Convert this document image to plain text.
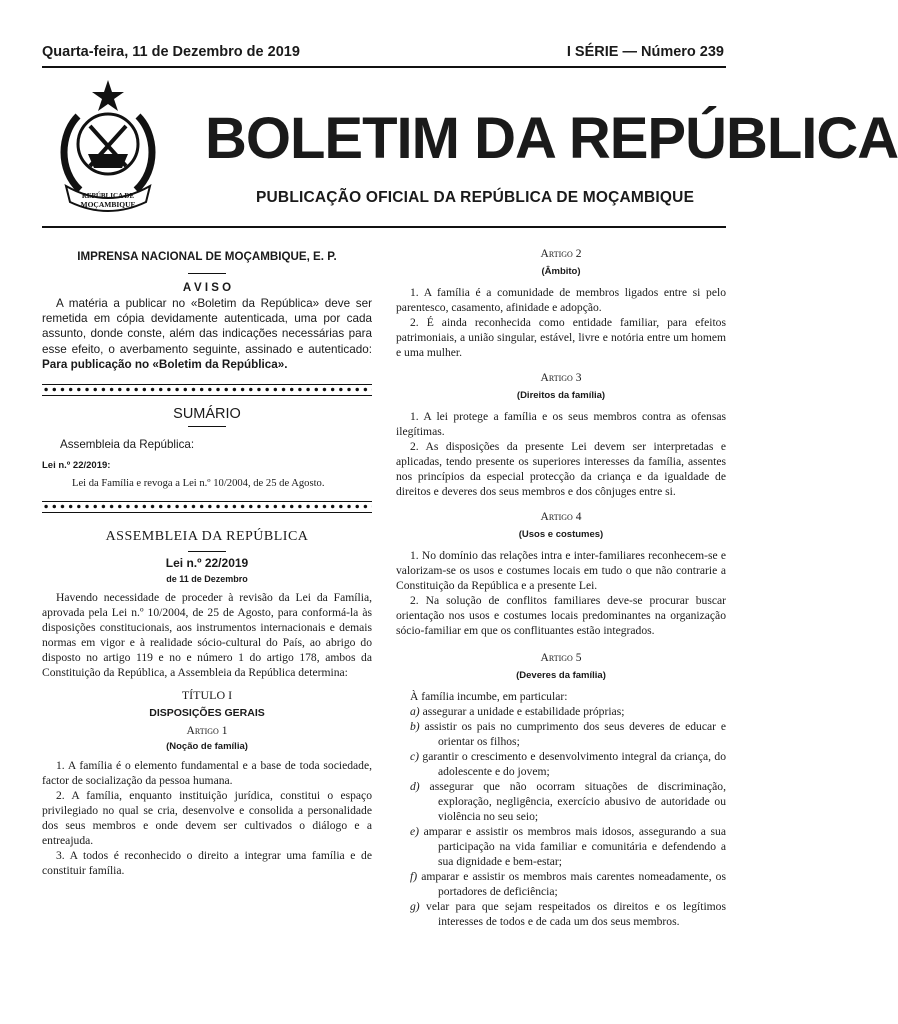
Quarta-feira, 11 de Dezembro de 2019	I SÉRIE — Número 239
REPÚBLICA DE
MOÇAMBIQUE
BOLETIM DA REPÚBLICA
PUBLICAÇÃO OFICIAL DA REPÚBLICA DE MOÇAMBIQUE
IMPRENSA NACIONAL DE MOÇAMBIQUE, E. P.
A V I S O

A matéria a publicar no «Boletim da República» deve ser remetida em cópia devidamente autenticada, uma por cada assunto, donde conste, além das indicações necessárias para esse efeito, o averbamento seguinte, assinado e autenticado: Para publicação no «Boletim da República».

SUMÁRIO

Assembleia da República:

Lei n.º 22/2019:

Lei da Família e revoga a Lei n.º 10/2004, de 25 de Agosto.

ASSEMBLEIA DA REPÚBLICA
Lei n.º 22/2019
de 11 de Dezembro

Havendo necessidade de proceder à revisão da Lei da Família, aprovada pela Lei n.º 10/2004, de 25 de Agosto, para conformá-la às disposições constitucionais, aos instrumentos internacionais e demais normas em vigor e à realidade sócio-cultural do País, ao abrigo do disposto no artigo 119 e no e número 1 do artigo 178, ambos da Constituição da República, a Assembleia da República determina:

TÍTULO I
DISPOSIÇÕES GERAIS

Artigo 1

(Noção de família)

1. A família é o elemento fundamental e a base de toda sociedade, factor de socialização da pessoa humana.

2. A família, enquanto instituição jurídica, constitui o espaço privilegiado no qual se cria, desenvolve e consolida a personalidade dos seus membros e onde devem ser cultivados o diálogo e a entreajuda.

3. A todos é reconhecido o direito a integrar uma família e de constituir família.

Artigo 2

(Âmbito)

1. A família é a comunidade de membros ligados entre si pelo parentesco, casamento, afinidade e adopção.

2. É ainda reconhecida como entidade familiar, para efeitos patrimoniais, a união singular, estável, livre e notória entre um homem e uma mulher.

Artigo 3

(Direitos da família)

1. A lei protege a família e os seus membros contra as ofensas ilegítimas.

2. As disposições da presente Lei devem ser interpretadas e aplicadas, tendo presente os superiores interesses da família, assentes nos princípios da especial protecção da criança e da igualdade de direitos e deveres dos seus membros e dos cônjuges entre si.

Artigo 4

(Usos e costumes)

1. No domínio das relações intra e inter-familiares reconhecem-se e valorizam-se os usos e costumes locais em tudo o que não contrarie a Constituição da República e a presente Lei.

2. Na solução de conflitos familiares deve-se procurar buscar orientação nos usos e costumes locais predominantes na organização sócio-familiar em que os conflituantes estão integrados.

Artigo 5

(Deveres da família)

À família incumbe, em particular:

a) assegurar a unidade e estabilidade próprias;

b) assistir os pais no cumprimento dos seus deveres de educar e orientar os filhos;

c) garantir o crescimento e desenvolvimento integral da criança, do adolescente e do jovem;

d) assegurar que não ocorram situações de discriminação, exploração, negligência, exercício abusivo de autoridade ou violência no seu seio;

e) amparar e assistir os membros mais idosos, assegurando a sua participação na vida familiar e comunitária e defendendo a sua dignidade e bem-estar;

f) amparar e assistir os membros mais carentes nomeadamente, os portadores de deficiência;

g) velar para que sejam respeitados os direitos e os legítimos interesses de todos e de cada um dos seus membros.
